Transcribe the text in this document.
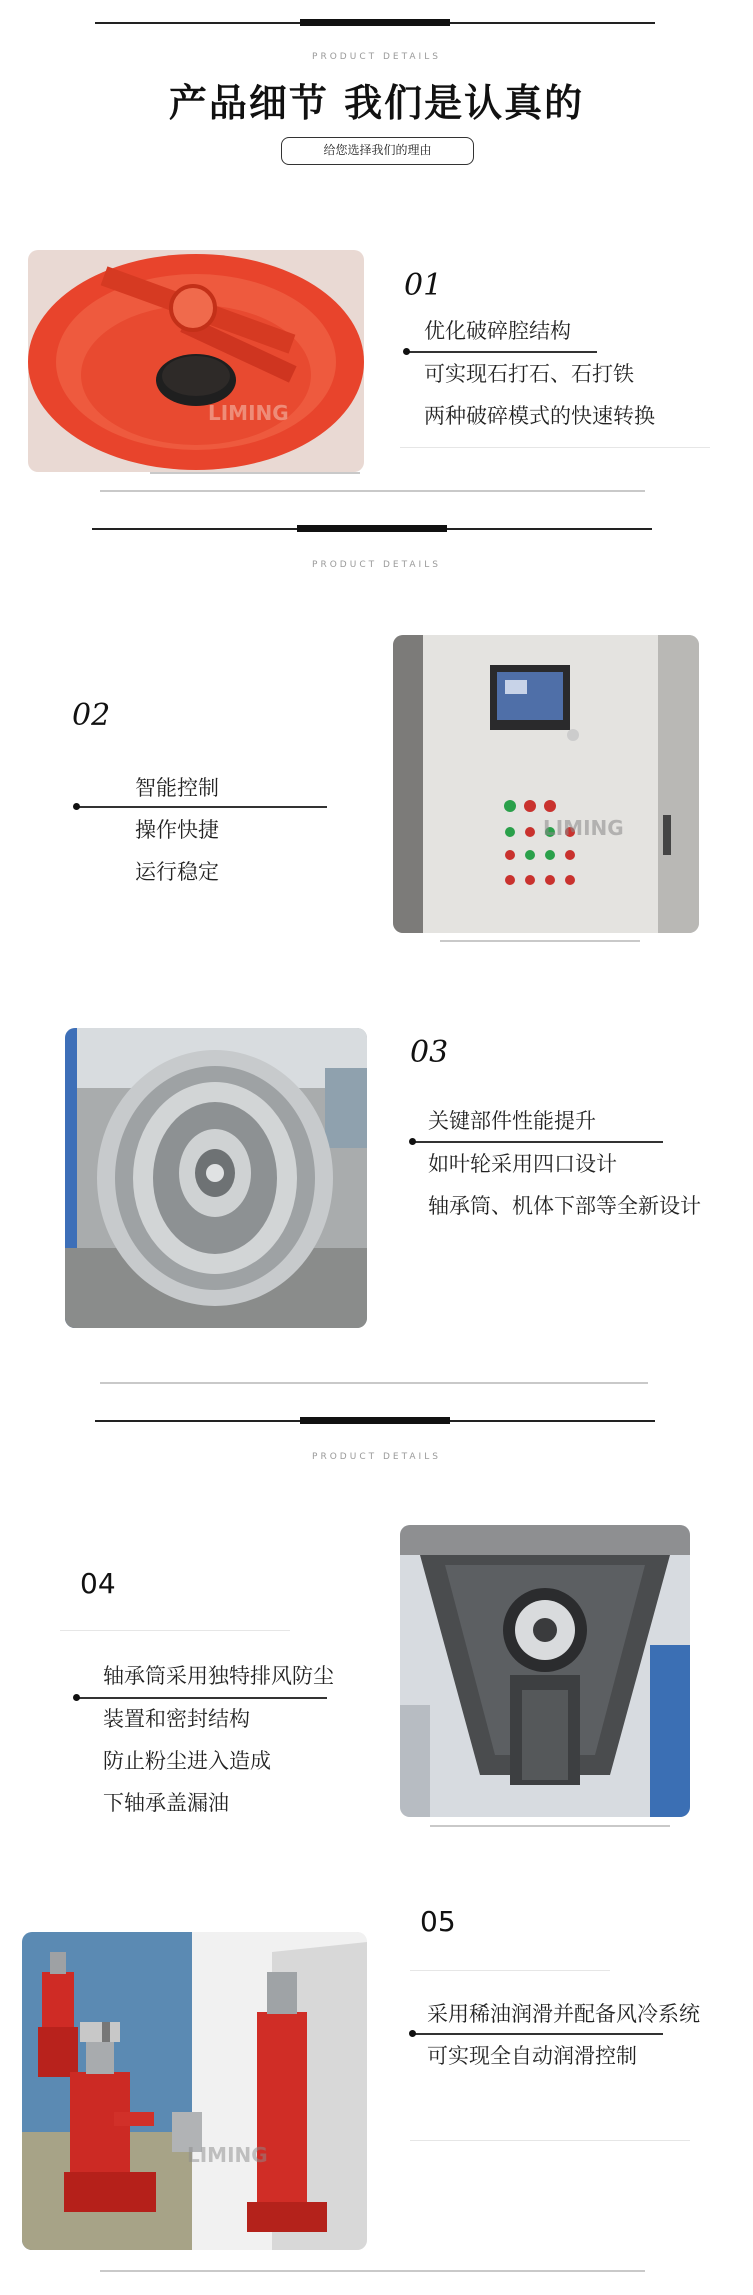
PRODUCT DETAILS
产品细节 我们是认真的
给您选择我们的理由
LIMING
01
优化破碎腔结构
可实现石打石、石打铁
两种破碎模式的快速转换
PRODUCT DETAILS
02
智能控制
操作快捷
运行稳定
LIMING
03
关键部件性能提升
如叶轮采用四口设计
轴承筒、机体下部等全新设计
PRODUCT DETAILS
04
轴承筒采用独特排风防尘
装置和密封结构
防止粉尘进入造成
下轴承盖漏油
LIMING
05
采用稀油润滑并配备风冷系统
可实现全自动润滑控制
